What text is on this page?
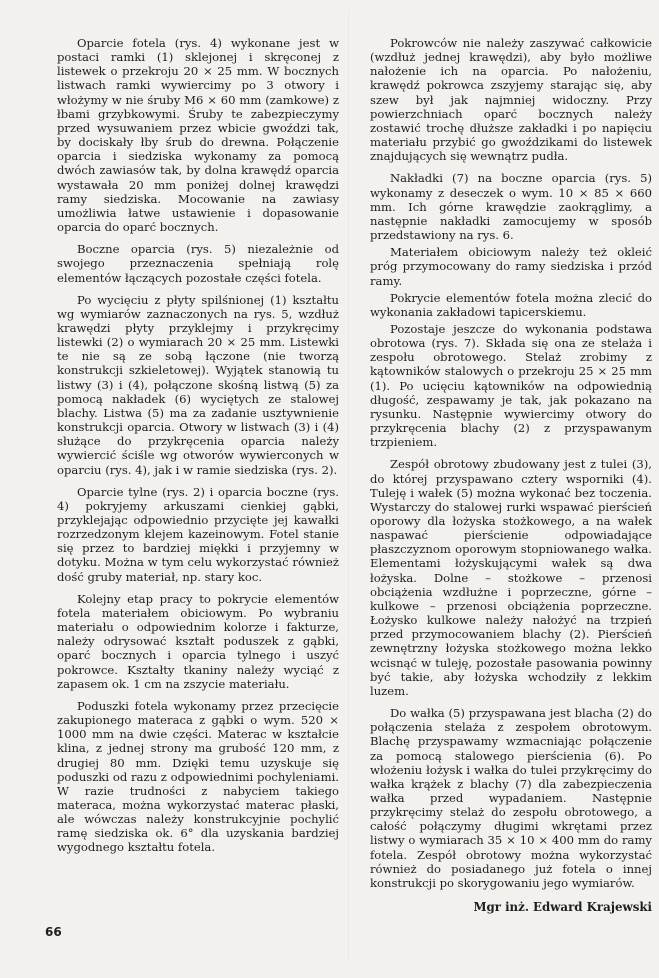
Oparcie fotela (rys. 4) wykonane jest w postaci ramki (1) sklejonej i skręconej z listewek o przekroju 20 × 25 mm. W bocznych listwach ramki wywiercimy po 3 otwory i włożymy w nie śruby M6 × 60 mm (zamkowe) z łbami grzybkowymi. Śruby te zabezpieczymy przed wysuwaniem przez wbicie gwoździ tak, by dociskały łby śrub do drewna. Połączenie oparcia i siedziska wykonamy za pomocą dwóch zawiasów tak, by dolna krawędź oparcia wystawała 20 mm poniżej dolnej krawędzi ramy siedziska. Mocowanie na zawiasy umożliwia łatwe ustawienie i dopasowanie oparcia do oparć bocznych.

Boczne oparcia (rys. 5) niezależnie od swojego przeznaczenia spełniają rolę elementów łączących pozostałe części fotela.

Po wycięciu z płyty spilśnionej (1) kształtu wg wymiarów zaznaczonych na rys. 5, wzdłuż krawędzi płyty przyklejmy i przykręcimy listewki (2) o wymiarach 20 × 25 mm. Listewki te nie są ze sobą łączone (nie tworzą konstrukcji szkieletowej). Wyjątek stanowią tu listwy (3) i (4), połączone skośną listwą (5) za pomocą nakładek (6) wyciętych ze stalowej blachy. Listwa (5) ma za zadanie usztywnienie konstrukcji oparcia. Otwory w listwach (3) i (4) służące do przykręcenia oparcia należy wywiercić ściśle wg otworów wywierconych w oparciu (rys. 4), jak i w ramie siedziska (rys. 2).

Oparcie tylne (rys. 2) i oparcia boczne (rys. 4) pokryjemy arkuszami cienkiej gąbki, przyklejając odpowiednio przycięte jej kawałki rozrzedzonym klejem kazeinowym. Fotel stanie się przez to bardziej miękki i przyjemny w dotyku. Można w tym celu wykorzystać również dość gruby materiał, np. stary koc.

Kolejny etap pracy to pokrycie elementów fotela materiałem obiciowym. Po wybraniu materiału o odpowiednim kolorze i fakturze, należy odrysować kształt poduszek z gąbki, oparć bocznych i oparcia tylnego i uszyć pokrowce. Kształty tkaniny należy wyciąć z zapasem ok. 1 cm na zszycie materiału.

Poduszki fotela wykonamy przez przecięcie zakupionego materaca z gąbki o wym. 520 × 1000 mm na dwie części. Materac w kształcie klina, z jednej strony ma grubość 120 mm, z drugiej 80 mm. Dzięki temu uzyskuje się poduszki od razu z odpowiednimi pochyleniami. W razie trudności z nabyciem takiego materaca, można wykorzystać materac płaski, ale wówczas należy konstrukcyjnie pochylić ramę siedziska ok. 6° dla uzyskania bardziej wygodnego kształtu fotela.

Pokrowców nie należy zaszywać całkowicie (wzdłuż jednej krawędzi), aby było możliwe nałożenie ich na oparcia. Po nałożeniu, krawędź pokrowca zszyjemy starając się, aby szew był jak najmniej widoczny. Przy powierzchniach oparć bocznych należy zostawić trochę dłuższe zakładki i po napięciu materiału przybić go gwoździkami do listewek znajdujących się wewnątrz pudła.

Nakładki (7) na boczne oparcia (rys. 5) wykonamy z deseczek o wym. 10 × 85 × 660 mm. Ich górne krawędzie zaokrąglimy, a następnie nakładki zamocujemy w sposób przedstawiony na rys. 6.

Materiałem obiciowym należy też okleić próg przymocowany do ramy siedziska i przód ramy.

Pokrycie elementów fotela można zlecić do wykonania zakładowi tapicerskiemu.

Pozostaje jeszcze do wykonania podstawa obrotowa (rys. 7). Składa się ona ze stelaża i zespołu obrotowego. Stelaż zrobimy z kątowników stalowych o przekroju 25 × 25 mm (1). Po ucięciu kątowników na odpowiednią długość, zespawamy je tak, jak pokazano na rysunku. Następnie wywiercimy otwory do przykręcenia blachy (2) z przyspawanym trzpieniem.

Zespół obrotowy zbudowany jest z tulei (3), do której przyspawano cztery wsporniki (4). Tuleję i wałek (5) można wykonać bez toczenia. Wystarczy do stalowej rurki wspawać pierścień oporowy dla łożyska stożkowego, a na wałek naspawać pierścienie odpowiadające płaszczyznom oporowym stopniowanego wałka. Elementami łożyskującymi wałek są dwa łożyska. Dolne – stożkowe – przenosi obciążenia wzdłużne i poprzeczne, górne – kulkowe – przenosi obciążenia poprzeczne. Łożysko kulkowe należy nałożyć na trzpień przed przymocowaniem blachy (2). Pierścień zewnętrzny łożyska stożkowego można lekko wcisnąć w tuleję, pozostałe pasowania powinny być takie, aby łożyska wchodziły z lekkim luzem.

Do wałka (5) przyspawana jest blacha (2) do połączenia stelaża z zespołem obrotowym. Blachę przyspawamy wzmacniając połączenie za pomocą stalowego pierścienia (6). Po włożeniu łożysk i wałka do tulei przykręcimy do wałka krążek z blachy (7) dla zabezpieczenia wałka przed wypadaniem. Następnie przykręcimy stelaż do zespołu obrotowego, a całość połączymy długimi wkrętami przez listwy o wymiarach 35 × 10 × 400 mm do ramy fotela. Zespół obrotowy można wykorzystać również do posiadanego już fotela o innej konstrukcji po skorygowaniu jego wymiarów.

Mgr inż. Edward Krajewski

66
